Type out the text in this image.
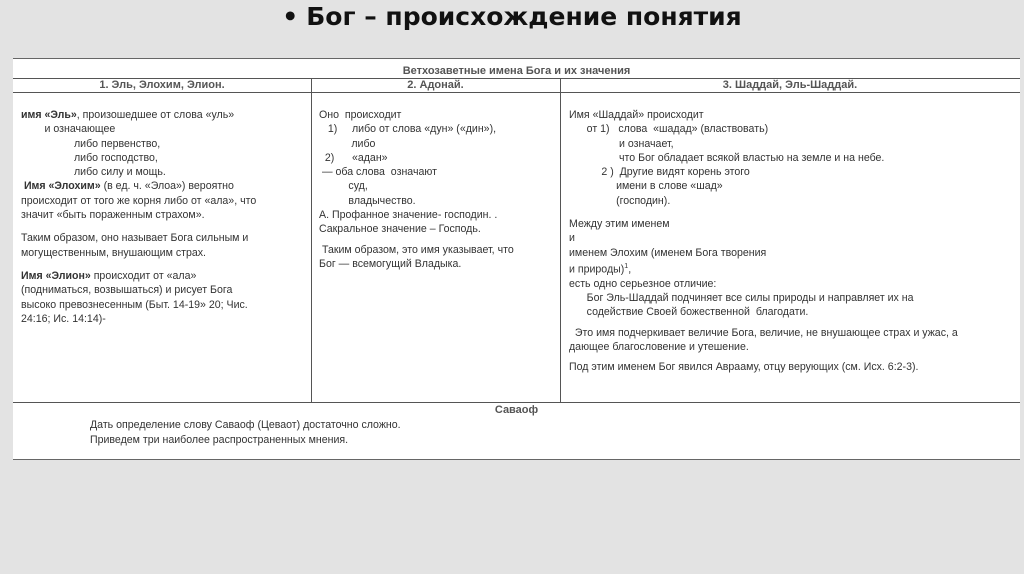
• Бог – происхождение понятия
Ветхозаветные имена Бога и их значения
1. Эль, Элохим, Элион.	2. Адонай.	3. Шаддай, Эль-Шаддай.

имя «Эль», произошедшее от слова «уль»

и означающее

либо первенство,

либо господство,

либо силу и мощь.

Имя «Элохим» (в ед. ч. «Элоа») вероятно

происходит от того же корня либо от «ала», что

значит «быть пораженным страхом».

Таким образом, оно называет Бога сильным и

могущественным, внушающим страх.

Имя «Элион» происходит от «ала»

(подниматься, возвышаться) и рисует Бога

высоко превознесенным (Быт. 14-19» 20; Чис.

24:16; Ис. 14:14)-

Оно  происходит

1)     либо от слова «дун» («дин»),

либо

2)      «адан»

— оба слова  означают

суд,

владычество.

А. Профанное значение- господин. .

Сакральное значение – Господь.

Таким образом, это имя указывает, что

Бог — всемогущий Владыка.

Имя «Шаддай» происходит

от 1)   слова  «шадад» (властвовать)

и означает,

что Бог обладает всякой властью на земле и на небе.

2 )  Другие видят корень этого

имени в слове «шад»

(господин).

Между этим именем

и

именем Элохим (именем Бога творения

и природы)$^1$,

есть одно серьезное отличие:

Бог Эль-Шаддай подчиняет все силы природы и направляет их на

содействие Своей божественной  благодати.

Это имя подчеркивает величие Бога, величие, не внушающее страх и ужас, а

дающее благословение и утешение.

Под этим именем Бог явился Аврааму, отцу верующих (см. Исх. 6:2-3).

Саваоф

Дать определение слову Саваоф (Цеваот) достаточно сложно.

Приведем три наиболее распространенных мнения.
